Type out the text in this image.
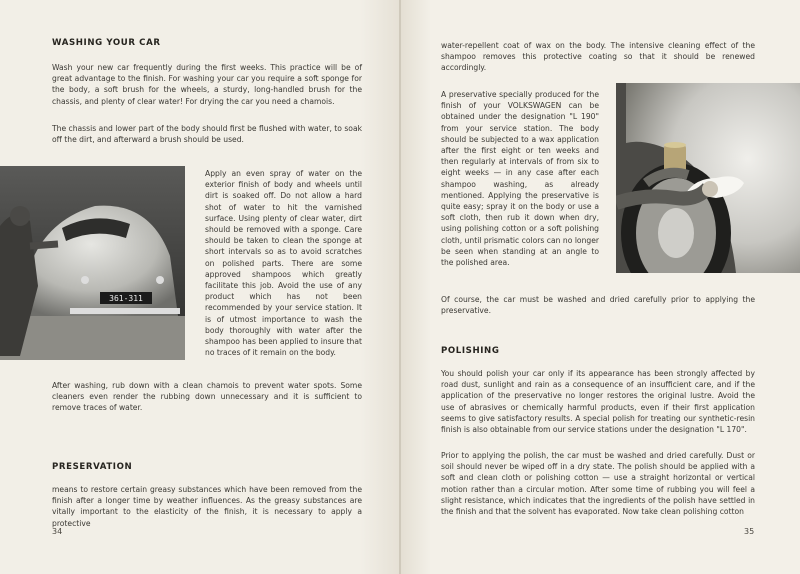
WASHING YOUR CAR

Wash your new car frequently during the first weeks. This practice will be of great advantage to the finish. For washing your car you require a soft sponge for the body, a soft brush for the wheels, a sturdy, long-handled brush for the chassis, and plenty of clear water! For drying the car you need a chamois.

The chassis and lower part of the body should first be flushed with water, to soak off the dirt, and afterward a brush should be used.

361-311

Apply an even spray of water on the exterior finish of body and wheels until dirt is soaked off. Do not allow a hard shot of water to hit the varnished surface. Using plenty of clear water, dirt should be removed with a sponge. Care should be taken to clean the sponge at short intervals so as to avoid scratches on polished parts. There are some approved shampoos which greatly facilitate this job. Avoid the use of any product which has not been recommended by your service station. It is of utmost importance to wash the body thoroughly with water after the shampoo has been applied to insure that no traces of it remain on the body.

After washing, rub down with a clean chamois to prevent water spots. Some cleaners even render the rubbing down unnecessary and it is sufficient to remove traces of water.

PRESERVATION

means to restore certain greasy substances which have been removed from the finish after a longer time by weather influences. As the greasy substances are vitally important to the elasticity of the finish, it is necessary to apply a protective

34

water-repellent coat of wax on the body. The intensive cleaning effect of the shampoo removes this protective coating so that it should be renewed accordingly.

A preservative specially produced for the finish of your VOLKSWAGEN can be obtained under the designation "L 190" from your service station. The body should be subjected to a wax application after the first eight or ten weeks and then regularly at intervals of from six to eight weeks — in any case after each shampoo washing, as already mentioned. Applying the preservative is quite easy; spray it on the body or use a soft cloth, then rub it down when dry, using polishing cotton or a soft polishing cloth, until prismatic colors can no longer be seen when standing at an angle to the polished area.

Of course, the car must be washed and dried carefully prior to applying the preservative.

POLISHING

You should polish your car only if its appearance has been strongly affected by road dust, sunlight and rain as a consequence of an insufficient care, and if the application of the preservative no longer restores the original lustre. Avoid the use of abrasives or chemically harmful products, even if their first application seems to give satisfactory results. A special polish for treating our synthetic-resin finish is also obtainable from our service stations under the designation "L 170".

Prior to applying the polish, the car must be washed and dried carefully. Dust or soil should never be wiped off in a dry state. The polish should be applied with a soft and clean cloth or polishing cotton — use a straight horizontal or vertical motion rather than a circular motion. After some time of rubbing you will feel a slight resistance, which indicates that the ingredients of the polish have settled in the finish and that the solvent has evaporated. Now take clean polishing cotton

35
